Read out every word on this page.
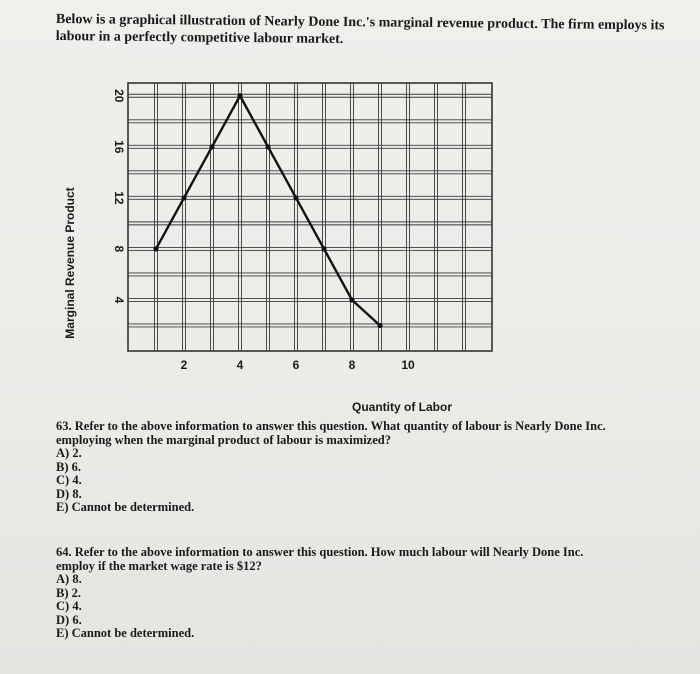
Below is a graphical illustration of Nearly Done Inc.'s marginal revenue product. The firm employs its
labour in a perfectly competitive labour market.
4
8
12
16
20
2	4	6	8	10
Marginal Revenue Product
Quantity of Labor
63. Refer to the above information to answer this question. What quantity of labour is Nearly Done Inc.
employing when the marginal product of labour is maximized?
A) 2.
B) 6.
C) 4.
D) 8.
E) Cannot be determined.
64. Refer to the above information to answer this question. How much labour will Nearly Done Inc.
employ if the market wage rate is $12?
A) 8.
B) 2.
C) 4.
D) 6.
E) Cannot be determined.
